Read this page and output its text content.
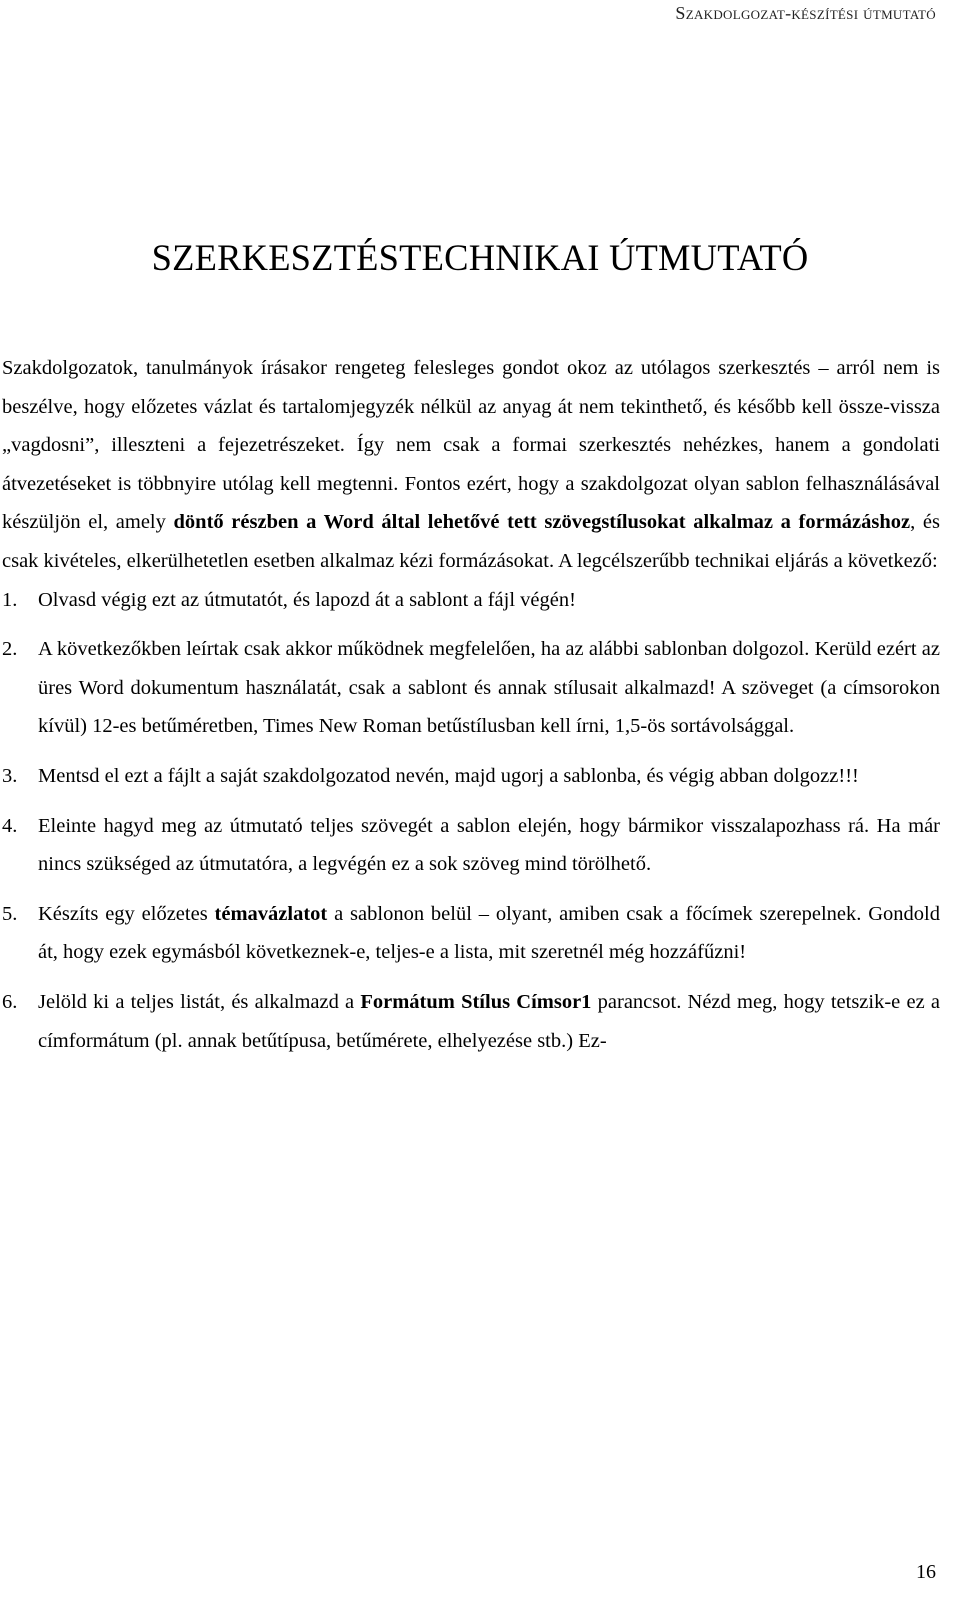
Szakdolgozat-készítési útmutató
SZERKESZTÉSTECHNIKAI ÚTMUTATÓ

Szakdolgozatok, tanulmányok írásakor rengeteg felesleges gondot okoz az utólagos szerkesztés – arról nem is beszélve, hogy előzetes vázlat és tartalomjegyzék nélkül az anyag át nem tekinthető, és később kell össze-vissza „vagdosni”, illeszteni a fejezetrészeket. Így nem csak a formai szerkesztés nehézkes, hanem a gondolati átvezetéseket is többnyire utólag kell megtenni. Fontos ezért, hogy a szakdolgozat olyan sablon felhasználásával készüljön el, amely döntő részben a Word által lehetővé tett szövegstílusokat alkalmaz a formázáshoz, és csak kivételes, elkerülhetetlen esetben alkalmaz kézi formázásokat. A legcélszerűbb technikai eljárás a következő:

1. Olvasd végig ezt az útmutatót, és lapozd át a sablont a fájl végén!
2. A következőkben leírtak csak akkor működnek megfelelően, ha az alábbi sablonban dolgozol. Kerüld ezért az üres Word dokumentum használatát, csak a sablont és annak stílusait alkalmazd! A szöveget (a címsorokon kívül) 12-es betűméretben, Times New Roman betűstílusban kell írni, 1,5-ös sortávolsággal.
3. Mentsd el ezt a fájlt a saját szakdolgozatod nevén, majd ugorj a sablonba, és végig abban dolgozz!!!
4. Eleinte hagyd meg az útmutató teljes szövegét a sablon elején, hogy bármikor visszalapozhass rá. Ha már nincs szükséged az útmutatóra, a legvégén ez a sok szöveg mind törölhető.
5. Készíts egy előzetes témavázlatot a sablonon belül – olyant, amiben csak a főcímek szerepelnek. Gondold át, hogy ezek egymásból következnek-e, teljes-e a lista, mit szeretnél még hozzáfűzni!
6. Jelöld ki a teljes listát, és alkalmazd a Formátum Stílus Címsor1 parancsot. Nézd meg, hogy tetszik-e ez a címformátum (pl. annak betűtípusa, betűmérete, elhelyezése stb.) Ez-
16
